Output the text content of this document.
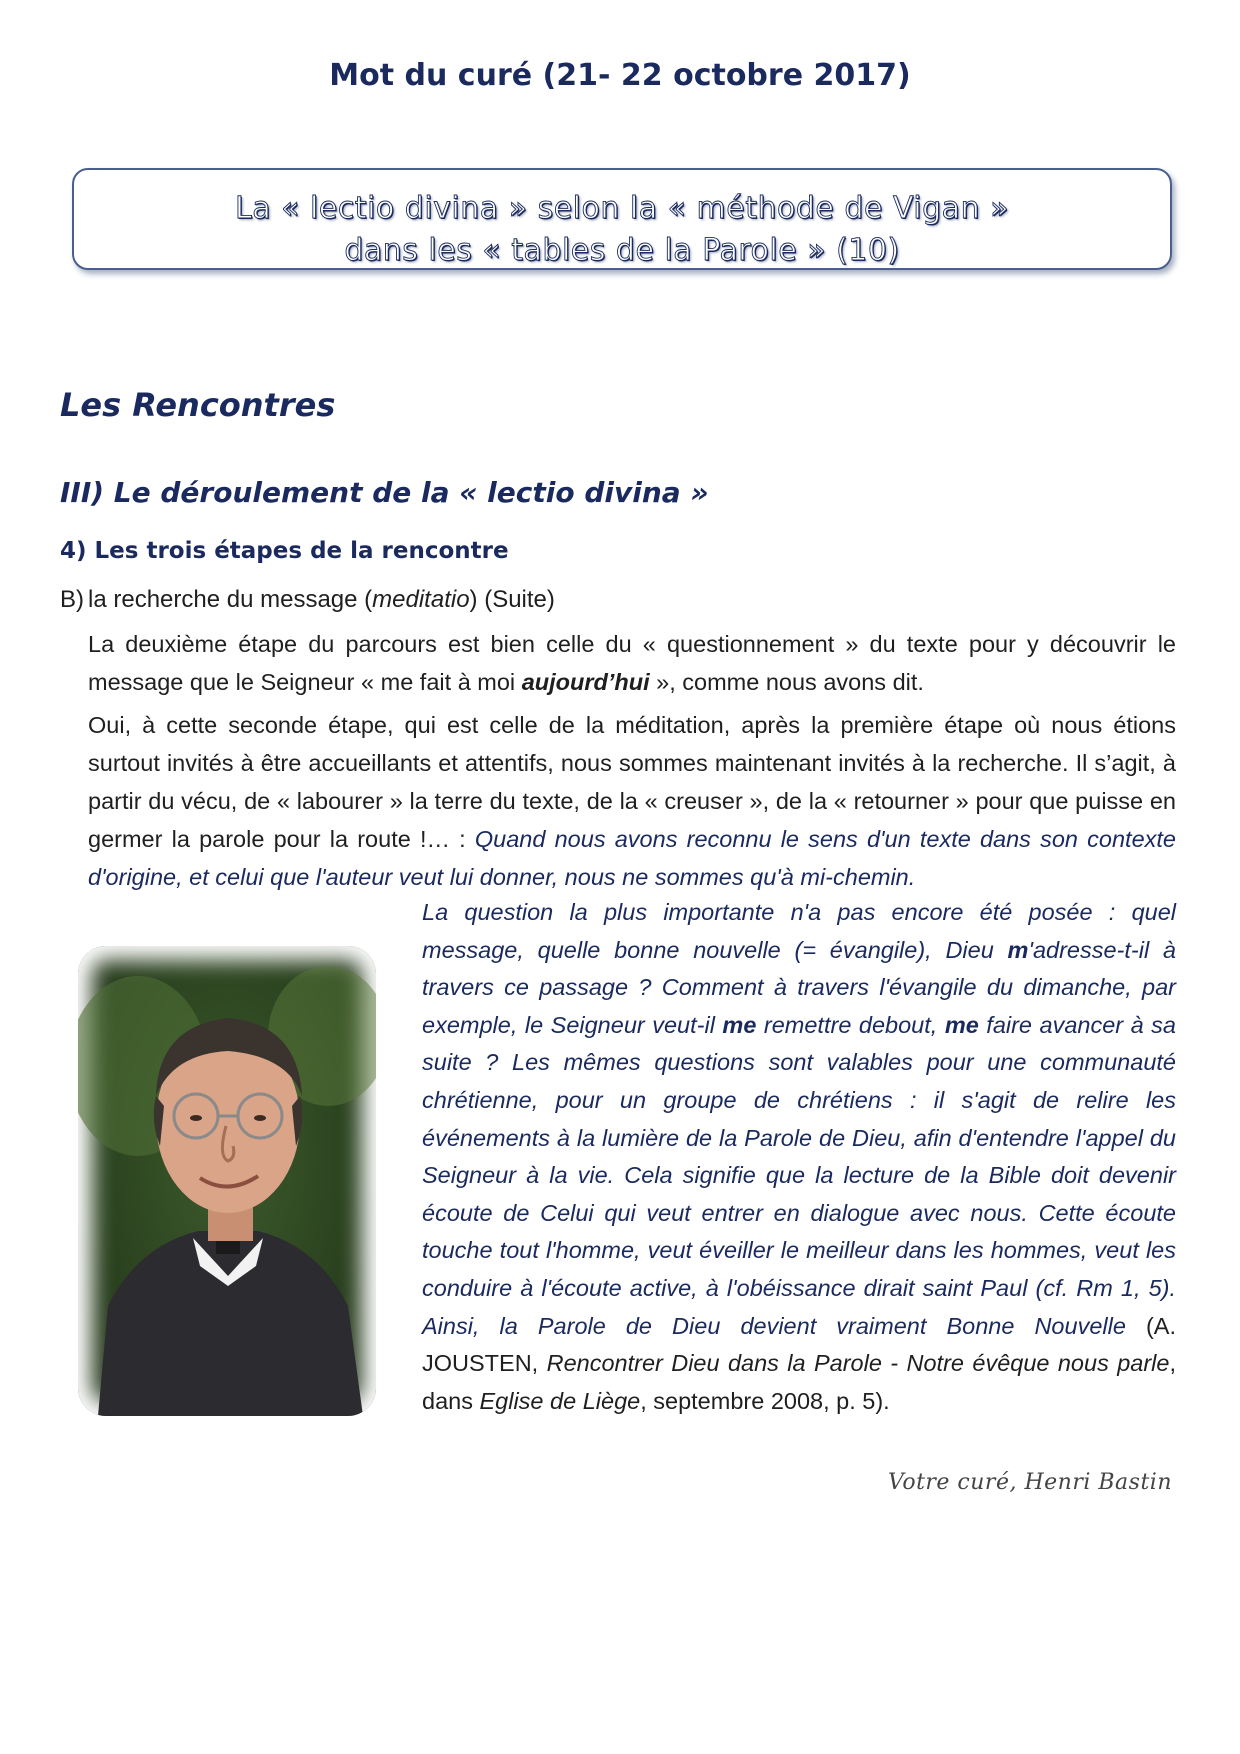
Mot du curé (21- 22 octobre 2017)
La « lectio divina » selon la « méthode de Vigan »
dans les « tables de la Parole » (10)
Les Rencontres
III) Le déroulement de la « lectio divina »
4) Les trois étapes de la rencontre
B) la recherche du message (meditatio) (Suite)
La deuxième étape du parcours est bien celle du « questionnement » du texte pour y découvrir le message que le Seigneur « me fait à moi aujourd’hui », comme nous avons dit.
Oui, à cette seconde étape, qui est celle de la méditation, après la première étape où nous étions surtout invités à être accueillants et attentifs, nous sommes maintenant invités à la recherche. Il s’agit, à partir du vécu, de « labourer » la terre du texte, de la « creuser », de la « retourner » pour que puisse en germer la parole pour la route !… : Quand nous avons reconnu le sens d'un texte dans son contexte d'origine, et celui que l'auteur veut lui donner, nous ne sommes qu'à mi-chemin.
La question la plus importante n'a pas encore été posée : quel message, quelle bonne nouvelle (= évangile), Dieu m'adresse-t-il à travers ce passage ? Comment à travers l'évangile du dimanche, par exemple, le Seigneur veut-il me remettre debout, me faire avancer à sa suite ? Les mêmes questions sont valables pour une communauté chrétienne, pour un groupe de chrétiens : il s'agit de relire les événements à la lumière de la Parole de Dieu, afin d'entendre l'appel du Seigneur à la vie. Cela signifie que la lecture de la Bible doit devenir écoute de Celui qui veut entrer en dialogue avec nous. Cette écoute touche tout l'homme, veut éveiller le meilleur dans les hommes, veut les conduire à l'écoute active, à l'obéissance dirait saint Paul (cf. Rm 1, 5). Ainsi, la Parole de Dieu devient vraiment Bonne Nouvelle (A. JOUSTEN, Rencontrer Dieu dans la Parole - Notre évêque nous parle, dans Eglise de Liège, septembre 2008, p. 5).
Votre curé, Henri Bastin
